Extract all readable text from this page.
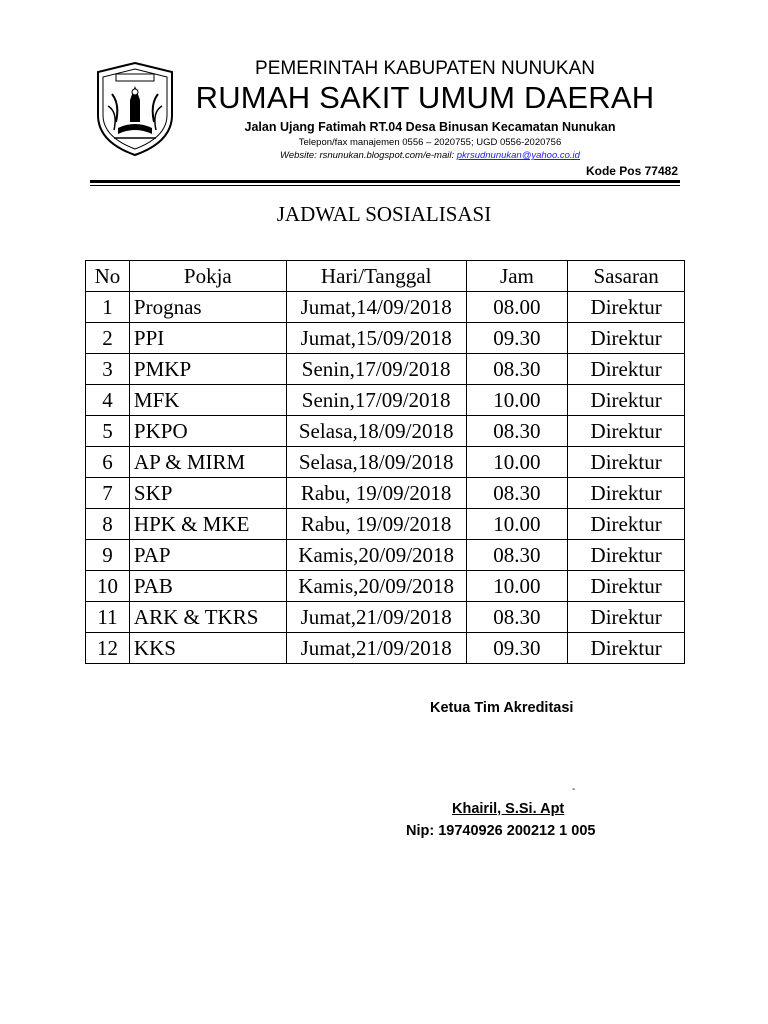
PEMERINTAH KABUPATEN NUNUKAN
RUMAH SAKIT UMUM DAERAH
Jalan Ujang Fatimah RT.04 Desa Binusan Kecamatan Nunukan
Telepon/fax manajemen 0556 – 2020755; UGD 0556-2020756
Website: rsnunukan.blogspot.com/e-mail: pkrsudnunukan@yahoo.co.id
Kode Pos 77482
JADWAL SOSIALISASI
No	Pokja	Hari/Tanggal	Jam	Sasaran
1	Prognas	Jumat,14/09/2018	08.00	Direktur
2	PPI	Jumat,15/09/2018	09.30	Direktur
3	PMKP	Senin,17/09/2018	08.30	Direktur
4	MFK	Senin,17/09/2018	10.00	Direktur
5	PKPO	Selasa,18/09/2018	08.30	Direktur
6	AP & MIRM	Selasa,18/09/2018	10.00	Direktur
7	SKP	Rabu, 19/09/2018	08.30	Direktur
8	HPK & MKE	Rabu, 19/09/2018	10.00	Direktur
9	PAP	Kamis,20/09/2018	08.30	Direktur
10	PAB	Kamis,20/09/2018	10.00	Direktur
11	ARK & TKRS	Jumat,21/09/2018	08.30	Direktur
12	KKS	Jumat,21/09/2018	09.30	Direktur
Ketua Tim Akreditasi
-
Khairil, S.Si. Apt
Nip: 19740926 200212 1 005
